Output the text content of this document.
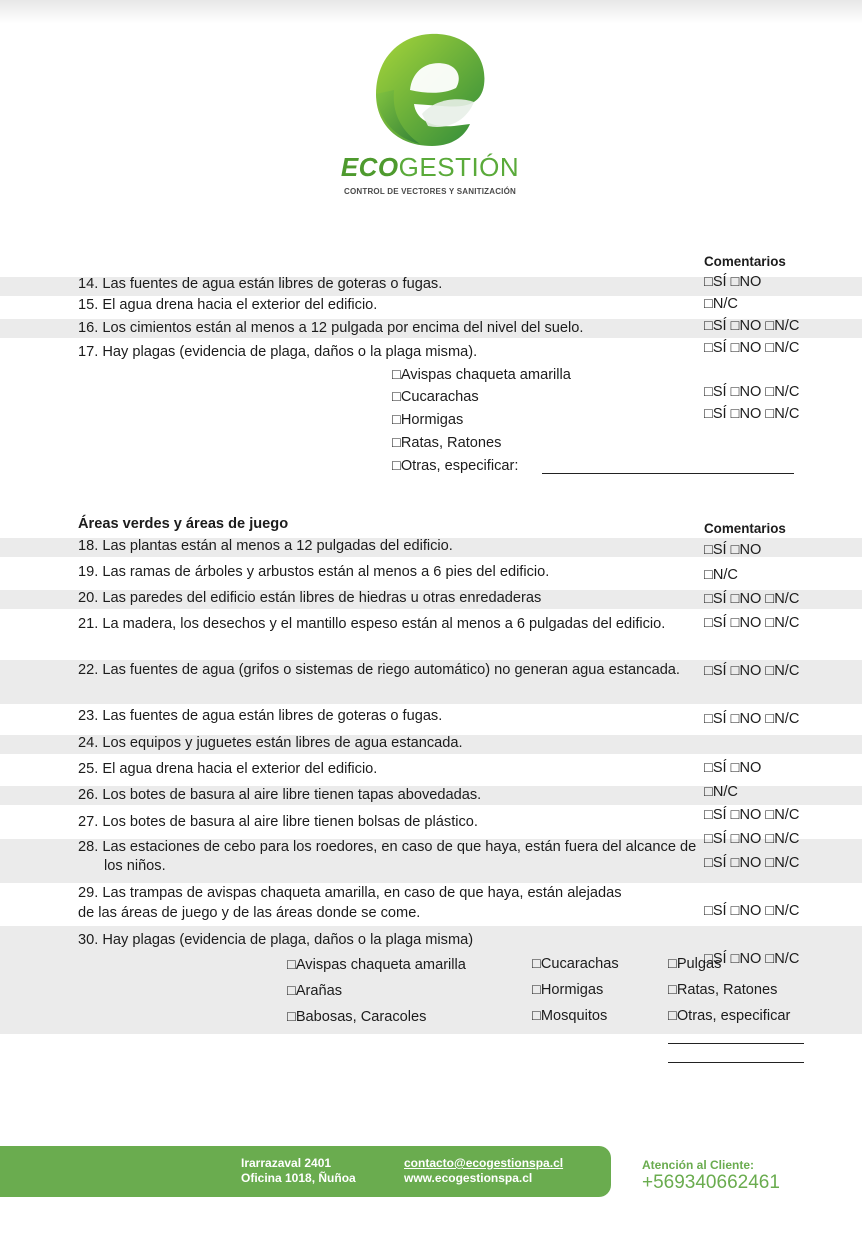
ECOGESTIÓN
CONTROL DE VECTORES Y SANITIZACIÓN
Comentarios
14. Las fuentes de agua están libres de goteras o fugas.
15. El agua drena hacia el exterior del edificio.
16. Los cimientos están al menos a 12 pulgada por encima del nivel del suelo.
17. Hay plagas (evidencia de plaga, daños o la plaga misma).
□Avispas chaqueta amarilla
□Cucarachas
□Hormigas
□Ratas, Ratones
□Otras, especificar:
□SÍ □NO
□N/C
□SÍ □NO □N/C
□SÍ □NO □N/C
□SÍ □NO □N/C
□SÍ □NO □N/C
Áreas verdes y áreas de juego	Comentarios
18. Las plantas están al menos a 12 pulgadas del edificio.
19. Las ramas de árboles y arbustos están al menos a 6 pies del edificio.
20. Las paredes del edificio están libres de hiedras u otras enredaderas
21. La madera, los desechos y el mantillo espeso están al menos a 6 pulgadas del edificio.
22. Las fuentes de agua (grifos o sistemas de riego automático) no generan agua estancada.
23. Las fuentes de agua están libres de goteras o fugas.
24. Los equipos y juguetes están libres de agua estancada.
25. El agua drena hacia el exterior del edificio.
26. Los botes de basura al aire libre tienen tapas abovedadas.
27. Los botes de basura al aire libre tienen bolsas de plástico.
28. Las estaciones de cebo para los roedores, en caso de que haya, están fuera del alcance de los niños.
29. Las trampas de avispas chaqueta amarilla, en caso de que haya, están alejadas
de las áreas de juego y de las áreas donde se come.
30. Hay plagas (evidencia de plaga, daños o la plaga misma)
□Avispas chaqueta amarilla
□Arañas
□Babosas, Caracoles
□Cucarachas
□Hormigas
□Mosquitos
□Pulgas
□Ratas, Ratones
□Otras, especificar
□SÍ □NO
□N/C
□SÍ □NO □N/C
□SÍ □NO □N/C
□SÍ □NO □N/C
□SÍ □NO □N/C
□SÍ □NO
□N/C
□SÍ □NO □N/C
□SÍ □NO □N/C
□SÍ □NO □N/C
□SÍ □NO □N/C
□SÍ □NO □N/C
Irarrazaval 2401
Oficina 1018, Ñuñoa
contacto@ecogestionspa.cl
www.ecogestionspa.cl
Atención al Cliente:
+569340662461
